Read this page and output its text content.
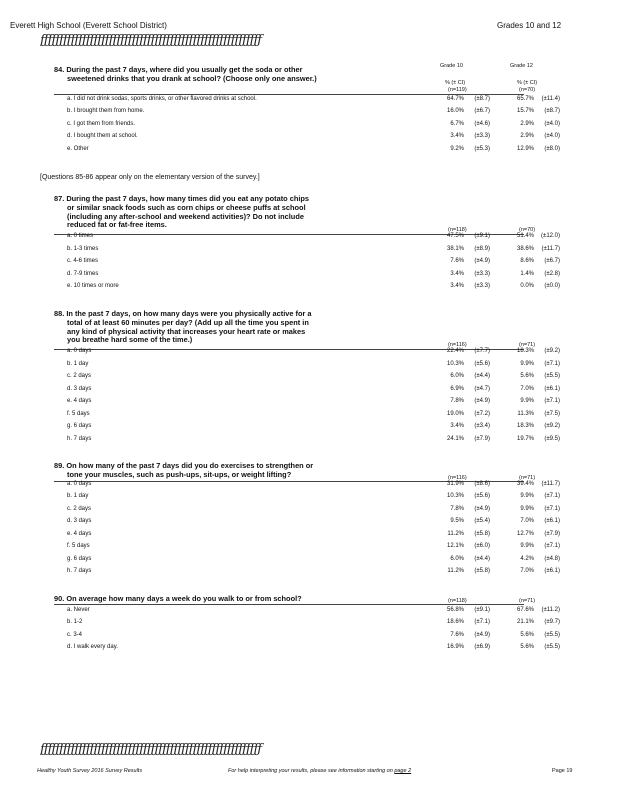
Everett High School (Everett School District)	Grades 10 and 12
ƒƒƒƒƒƒƒƒƒƒƒƒƒƒƒƒƒƒƒƒƒƒƒƒƒƒƒƒƒƒƒƒƒƒƒƒƒƒƒƒƒƒƒƒƒƒƒƒƒƒƒƒƒƒƒƒƒƒ
84. During the past 7 days, where did you usually get the soda or other
sweetened drinks that you drank at school? (Choose only one answer.)
Grade 10	Grade 12
% (± CI)	% (± CI)
(n=119)	(n=70)
a. I did not drink sodas, sports drinks, or other flavored drinks at school.	64.7%	(±8.7)	65.7%	(±11.4)
b. I brought them from home.	16.0%	(±6.7)	15.7%	(±8.7)
c. I got them from friends.	6.7%	(±4.6)	2.9%	(±4.0)
d. I bought them at school.	3.4%	(±3.3)	2.9%	(±4.0)
e. Other	9.2%	(±5.3)	12.9%	(±8.0)
[Questions 85-86 appear only on the elementary version of the survey.]
87. During the past 7 days, how many times did you eat any potato chips
or similar snack foods such as corn chips or cheese puffs at school
(including any after-school and weekend activities)? Do not include
reduced fat or fat-free items.
(n=118)	(n=70)
a. 0 times	47.5%	(±9.1)	51.4%	(±12.0)
b. 1-3 times	38.1%	(±8.9)	38.6%	(±11.7)
c. 4-6 times	7.6%	(±4.9)	8.6%	(±6.7)
d. 7-9 times	3.4%	(±3.3)	1.4%	(±2.8)
e. 10 times or more	3.4%	(±3.3)	0.0%	(±0.0)
88. In the past 7 days, on how many days were you physically active for a
total of at least 60 minutes per day? (Add up all the time you spent in
any kind of physical activity that increases your heart rate or makes
you breathe hard some of the time.)
(n=116)	(n=71)
a. 0 days	22.4%	(±7.7)	18.3%	(±9.2)
b. 1 day	10.3%	(±5.6)	9.9%	(±7.1)
c. 2 days	6.0%	(±4.4)	5.6%	(±5.5)
d. 3 days	6.9%	(±4.7)	7.0%	(±6.1)
e. 4 days	7.8%	(±4.9)	9.9%	(±7.1)
f. 5 days	19.0%	(±7.2)	11.3%	(±7.5)
g. 6 days	3.4%	(±3.4)	18.3%	(±9.2)
h. 7 days	24.1%	(±7.9)	19.7%	(±9.5)
89. On how many of the past 7 days did you do exercises to strengthen or
tone your muscles, such as push-ups, sit-ups, or weight lifting?	(n=116)	(n=71)
a. 0 days	31.9%	(±8.6)	39.4%	(±11.7)
b. 1 day	10.3%	(±5.6)	9.9%	(±7.1)
c. 2 days	7.8%	(±4.9)	9.9%	(±7.1)
d. 3 days	9.5%	(±5.4)	7.0%	(±6.1)
e. 4 days	11.2%	(±5.8)	12.7%	(±7.9)
f. 5 days	12.1%	(±6.0)	9.9%	(±7.1)
g. 6 days	6.0%	(±4.4)	4.2%	(±4.8)
h. 7 days	11.2%	(±5.8)	7.0%	(±6.1)
90. On average how many days a week do you walk to or from school?	(n=118)	(n=71)
a. Never	56.8%	(±9.1)	67.6%	(±11.2)
b. 1-2	18.6%	(±7.1)	21.1%	(±9.7)
c. 3-4	7.6%	(±4.9)	5.6%	(±5.5)
d. I walk every day.	16.9%	(±6.9)	5.6%	(±5.5)
ƒƒƒƒƒƒƒƒƒƒƒƒƒƒƒƒƒƒƒƒƒƒƒƒƒƒƒƒƒƒƒƒƒƒƒƒƒƒƒƒƒƒƒƒƒƒƒƒƒƒƒƒƒƒƒƒƒƒ
Healthy Youth Survey 2016 Survey Results	For help interpreting your results, please see information starting on page 2	Page 19
